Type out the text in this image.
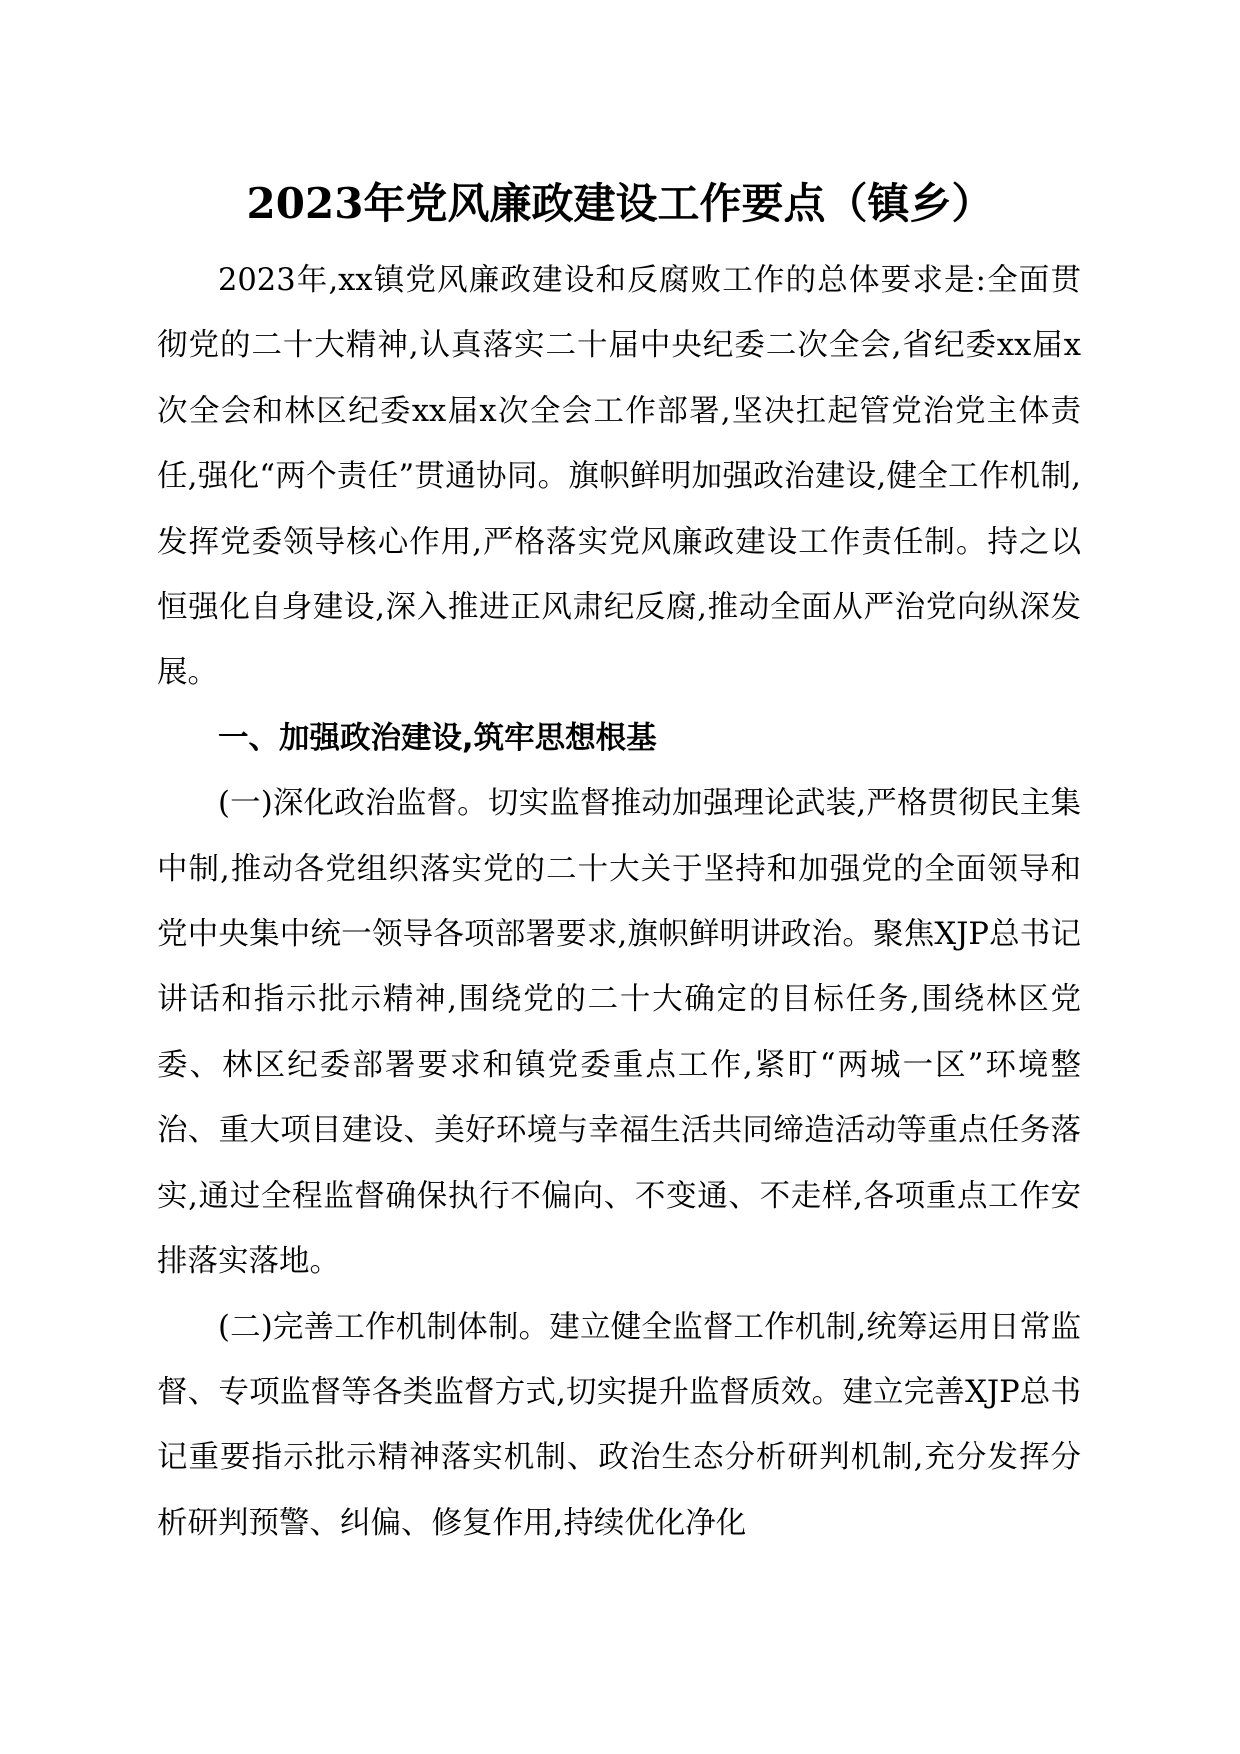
2023年党风廉政建设工作要点（镇乡）

2023年,xx镇党风廉政建设和反腐败工作的总体要求是:全面贯彻党的二十大精神,认真落实二十届中央纪委二次全会,省纪委xx届x次全会和林区纪委xx届x次全会工作部署,坚决扛起管党治党主体责任,强化“两个责任”贯通协同。旗帜鲜明加强政治建设,健全工作机制,发挥党委领导核心作用,严格落实党风廉政建设工作责任制。持之以恒强化自身建设,深入推进正风肃纪反腐,推动全面从严治党向纵深发展。

一、加强政治建设,筑牢思想根基

(一)深化政治监督。切实监督推动加强理论武装,严格贯彻民主集中制,推动各党组织落实党的二十大关于坚持和加强党的全面领导和党中央集中统一领导各项部署要求,旗帜鲜明讲政治。聚焦XJP总书记讲话和指示批示精神,围绕党的二十大确定的目标任务,围绕林区党委、林区纪委部署要求和镇党委重点工作,紧盯“两城一区”环境整治、重大项目建设、美好环境与幸福生活共同缔造活动等重点任务落实,通过全程监督确保执行不偏向、不变通、不走样,各项重点工作安排落实落地。

(二)完善工作机制体制。建立健全监督工作机制,统筹运用日常监督、专项监督等各类监督方式,切实提升监督质效。建立完善XJP总书记重要指示批示精神落实机制、政治生态分析研判机制,充分发挥分析研判预警、纠偏、修复作用,持续优化净化
